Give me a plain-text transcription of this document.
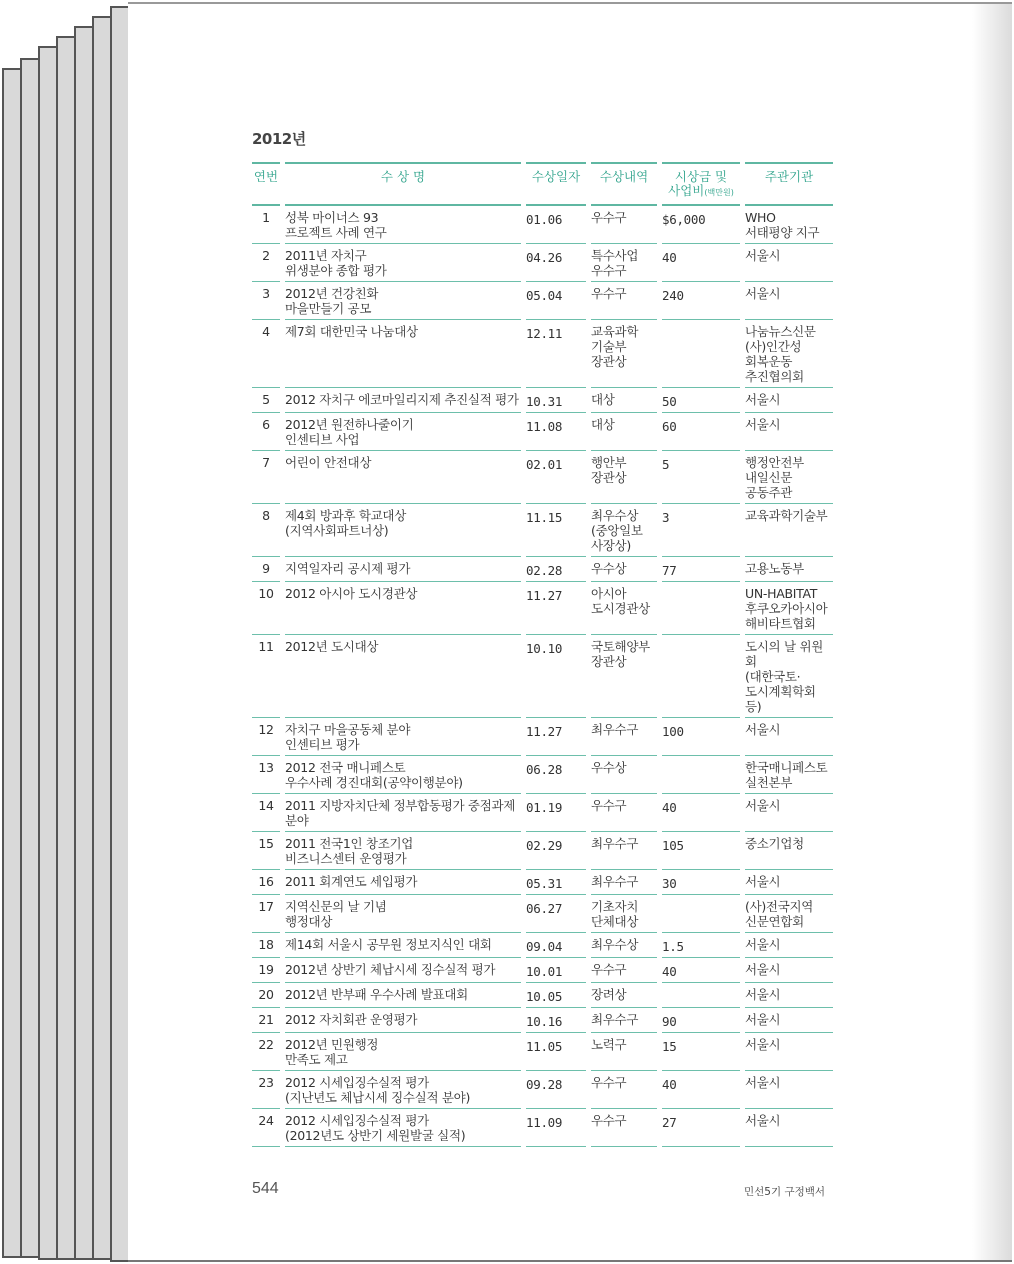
2012년
연번	수 상 명	수상일자	수상내역	시상금 및
사업비(백만원)	주관기관
1	성북 마이너스 93
프로젝트 사례 연구	01.06	우수구	$6,000	WHO
서태평양 지구
2	2011년 자치구
위생분야 종합 평가	04.26	특수사업
우수구	40	서울시
3	2012년 건강친화
마을만들기 공모	05.04	우수구	240	서울시
4	제7회 대한민국 나눔대상	12.11	교육과학
기술부
장관상		나눔뉴스신문
(사)인간성
회복운동
추진협의회
5	2012 자치구 에코마일리지제 추진실적 평가	10.31	대상	50	서울시
6	2012년 원전하나줄이기
인센티브 사업	11.08	대상	60	서울시
7	어린이 안전대상	02.01	행안부
장관상	5	행정안전부
내일신문
공동주관
8	제4회 방과후 학교대상
(지역사회파트너상)	11.15	최우수상
(중앙일보
사장상)	3	교육과학기술부
9	지역일자리 공시제 평가	02.28	우수상	77	고용노동부
10	2012 아시아 도시경관상	11.27	아시아
도시경관상		UN-HABITAT
후쿠오카아시아
해비타트협회
11	2012년 도시대상	10.10	국토해양부
장관상		도시의 날 위원회
(대한국토·
도시계획학회 등)
12	자치구 마을공동체 분야
인센티브 평가	11.27	최우수구	100	서울시
13	2012 전국 매니페스토
우수사례 경진대회(공약이행분야)	06.28	우수상		한국매니페스토
실천본부
14	2011 지방자치단체 정부합동평가 중점과제 분야	01.19	우수구	40	서울시
15	2011 전국1인 창조기업
비즈니스센터 운영평가	02.29	최우수구	105	중소기업청
16	2011 회계연도 세입평가	05.31	최우수구	30	서울시
17	지역신문의 날 기념
행정대상	06.27	기초자치
단체대상		(사)전국지역
신문연합회
18	제14회 서울시 공무원 정보지식인 대회	09.04	최우수상	1.5	서울시
19	2012년 상반기 체납시세 징수실적 평가	10.01	우수구	40	서울시
20	2012년 반부패 우수사례 발표대회	10.05	장려상		서울시
21	2012 자치회관 운영평가	10.16	최우수구	90	서울시
22	2012년 민원행정
만족도 제고	11.05	노력구	15	서울시
23	2012 시세입징수실적 평가
(지난년도 체납시세 징수실적 분야)	09.28	우수구	40	서울시
24	2012 시세입징수실적 평가
(2012년도 상반기 세원발굴 실적)	11.09	우수구	27	서울시
544	민선5기 구정백서
